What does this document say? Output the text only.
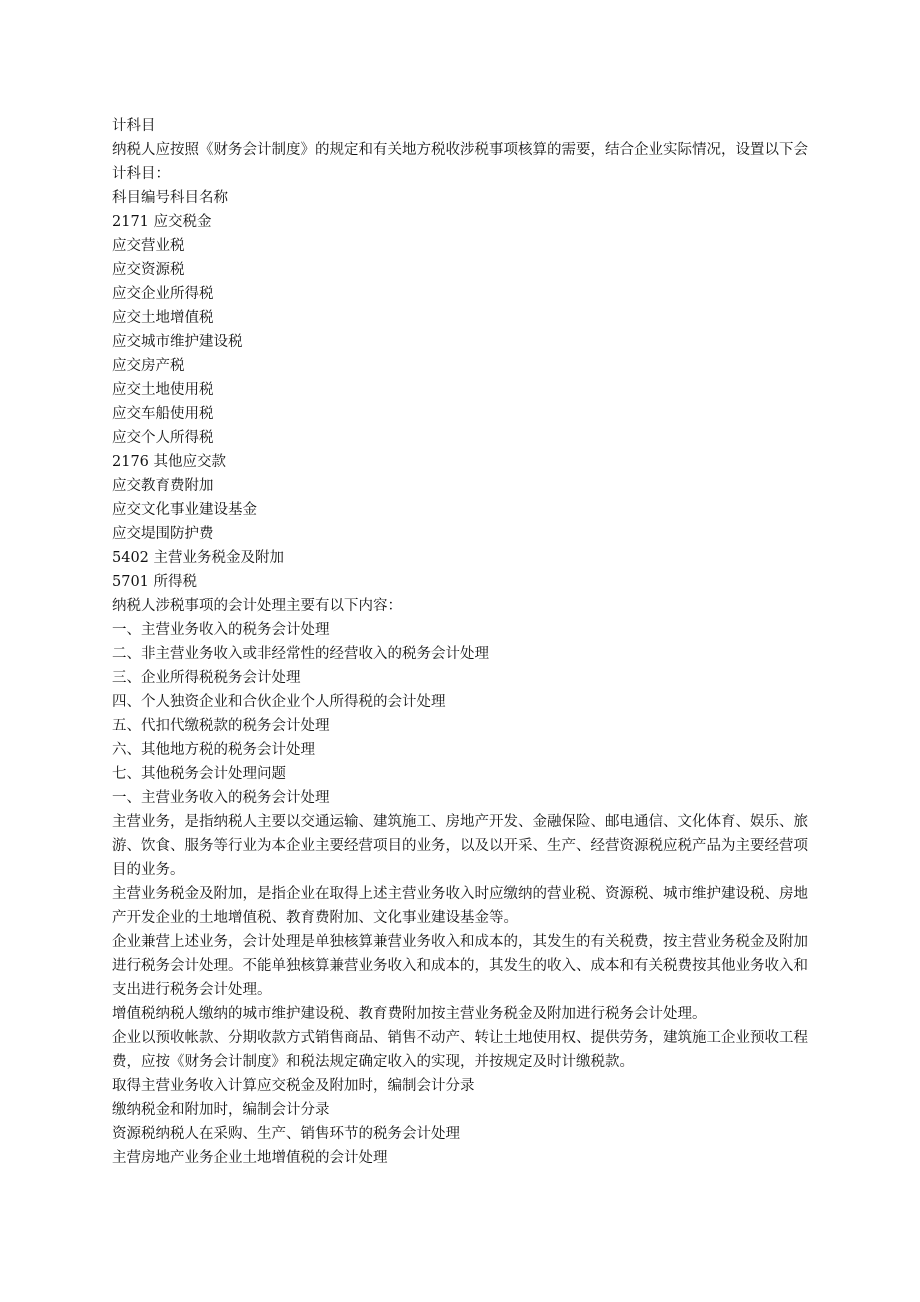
计科目

纳税人应按照《财务会计制度》的规定和有关地方税收涉税事项核算的需要，结合企业实际情况，设置以下会计科目：

科目编号科目名称

2171 应交税金

应交营业税

应交资源税

应交企业所得税

应交土地增值税

应交城市维护建设税

应交房产税

应交土地使用税

应交车船使用税

应交个人所得税

2176 其他应交款

应交教育费附加

应交文化事业建设基金

应交堤围防护费

5402 主营业务税金及附加

5701 所得税

纳税人涉税事项的会计处理主要有以下内容：

一、主营业务收入的税务会计处理

二、非主营业务收入或非经常性的经营收入的税务会计处理

三、企业所得税税务会计处理

四、个人独资企业和合伙企业个人所得税的会计处理

五、代扣代缴税款的税务会计处理

六、其他地方税的税务会计处理

七、其他税务会计处理问题

一、主营业务收入的税务会计处理

主营业务，是指纳税人主要以交通运输、建筑施工、房地产开发、金融保险、邮电通信、文化体育、娱乐、旅游、饮食、服务等行业为本企业主要经营项目的业务，以及以开采、生产、经营资源税应税产品为主要经营项目的业务。

主营业务税金及附加，是指企业在取得上述主营业务收入时应缴纳的营业税、资源税、城市维护建设税、房地产开发企业的土地增值税、教育费附加、文化事业建设基金等。

企业兼营上述业务，会计处理是单独核算兼营业务收入和成本的，其发生的有关税费，按主营业务税金及附加进行税务会计处理。不能单独核算兼营业务收入和成本的，其发生的收入、成本和有关税费按其他业务收入和支出进行税务会计处理。

增值税纳税人缴纳的城市维护建设税、教育费附加按主营业务税金及附加进行税务会计处理。

企业以预收帐款、分期收款方式销售商品、销售不动产、转让土地使用权、提供劳务，建筑施工企业预收工程费，应按《财务会计制度》和税法规定确定收入的实现，并按规定及时计缴税款。

取得主营业务收入计算应交税金及附加时，编制会计分录

缴纳税金和附加时，编制会计分录

资源税纳税人在采购、生产、销售环节的税务会计处理

主营房地产业务企业土地增值税的会计处理
